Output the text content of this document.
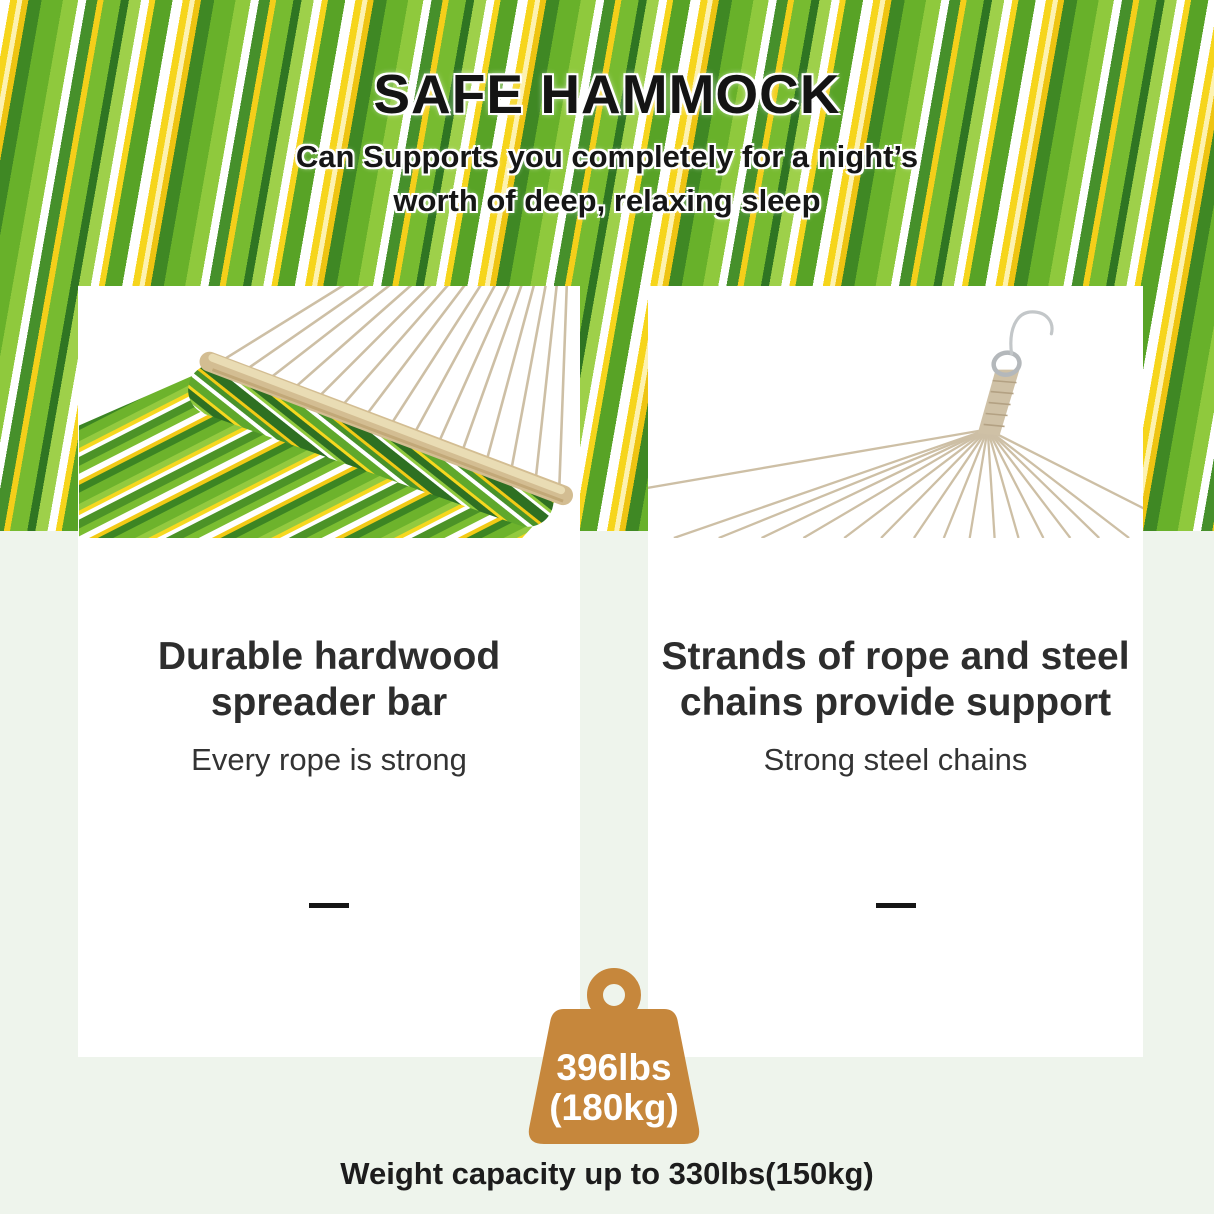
SAFE HAMMOCK

Can Supports you completely for a night’s

worth of deep, relaxing sleep

Durable hardwood
spreader bar

Every rope is strong

Strands of rope and steel
chains provide support

Strong steel chains

396lbs
(180kg)

Weight capacity up to 330lbs(150kg)
